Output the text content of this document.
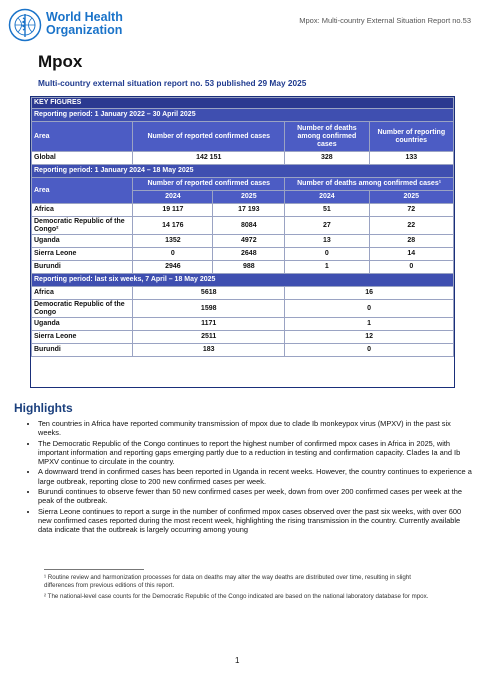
World Health
Organization
Mpox: Multi-country External Situation Report no.53
Mpox
Multi-country external situation report no. 53 published 29 May 2025
KEY FIGURES				
Reporting period: 1 January 2022 – 30 April 2025				
Area	Number of reported confirmed cases		Number of deaths among confirmed cases	Number of reporting countries
Global	142 151		328	133
Reporting period: 1 January 2024 – 18 May 2025				
Area	Number of reported confirmed cases		Number of deaths among confirmed cases¹	
	2024	2025	2024	2025
Africa	19 117	17 193	51	72
Democratic Republic of the Congo²	14 176	8084	27	22
Uganda	1352	4972	13	28
Sierra Leone	0	2648	0	14
Burundi	2946	988	1	0
Reporting period: last six weeks, 7 April – 18 May 2025				
Africa	5618		16	
Democratic Republic of the Congo	1598		0	
Uganda	1171		1	
Sierra Leone	2511		12	
Burundi	183		0	
Highlights
• Ten countries in Africa have reported community transmission of mpox due to clade Ib monkeypox virus (MPXV) in the past six weeks.
• The Democratic Republic of the Congo continues to report the highest number of confirmed mpox cases in Africa in 2025, with important information and reporting gaps emerging partly due to a reduction in testing and confirmation capacity. Clades Ia and Ib MPXV continue to circulate in the country.
• A downward trend in confirmed cases has been reported in Uganda in recent weeks. However, the country continues to experience a large outbreak, reporting close to 200 new confirmed cases per week.
• Burundi continues to observe fewer than 50 new confirmed cases per week, down from over 200 confirmed cases per week at the peak of the outbreak.
• Sierra Leone continues to report a surge in the number of confirmed mpox cases observed over the past six weeks, with over 600 new confirmed cases reported during the most recent week, highlighting the rising transmission in the country. Currently available data indicate that the outbreak is largely occurring among young
¹ Routine review and harmonization processes for data on deaths may alter the way deaths are distributed over time, resulting in slight differences from previous editions of this report.
² The national-level case counts for the Democratic Republic of the Congo indicated are based on the national laboratory database for mpox.
1
